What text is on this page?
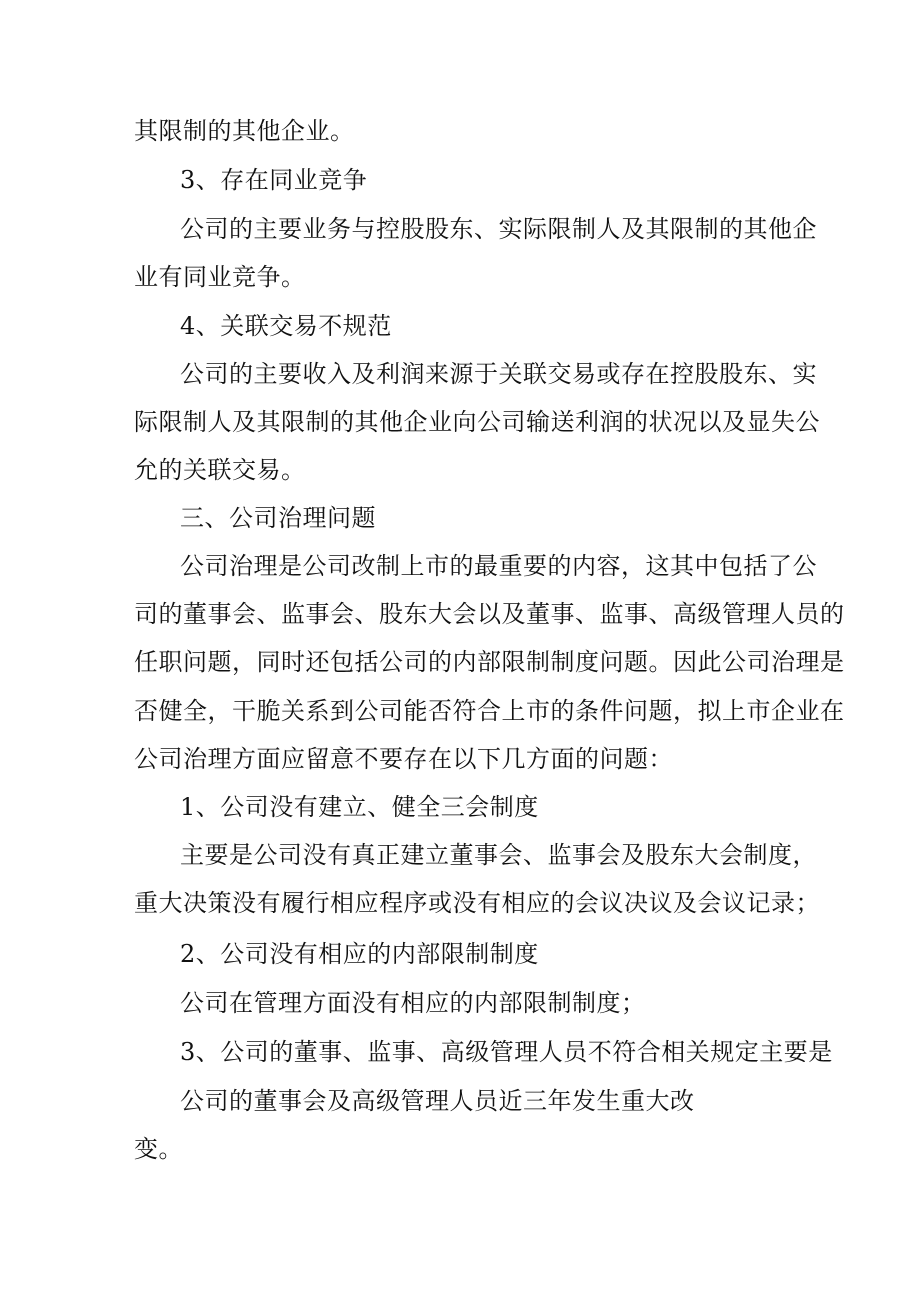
其限制的其他企业。

3、存在同业竞争

公司的主要业务与控股股东、实际限制人及其限制的其他企

业有同业竞争。

4、关联交易不规范

公司的主要收入及利润来源于关联交易或存在控股股东、实

际限制人及其限制的其他企业向公司输送利润的状况以及显失公

允的关联交易。

三、公司治理问题

公司治理是公司改制上市的最重要的内容，这其中包括了公

司的董事会、监事会、股东大会以及董事、监事、高级管理人员的

任职问题，同时还包括公司的内部限制制度问题。因此公司治理是

否健全，干脆关系到公司能否符合上市的条件问题，拟上市企业在

公司治理方面应留意不要存在以下几方面的问题：

1、公司没有建立、健全三会制度

主要是公司没有真正建立董事会、监事会及股东大会制度，

重大决策没有履行相应程序或没有相应的会议决议及会议记录；

2、公司没有相应的内部限制制度

公司在管理方面没有相应的内部限制制度；

3、公司的董事、监事、高级管理人员不符合相关规定主要是

公司的董事会及高级管理人员近三年发生重大改

变。
